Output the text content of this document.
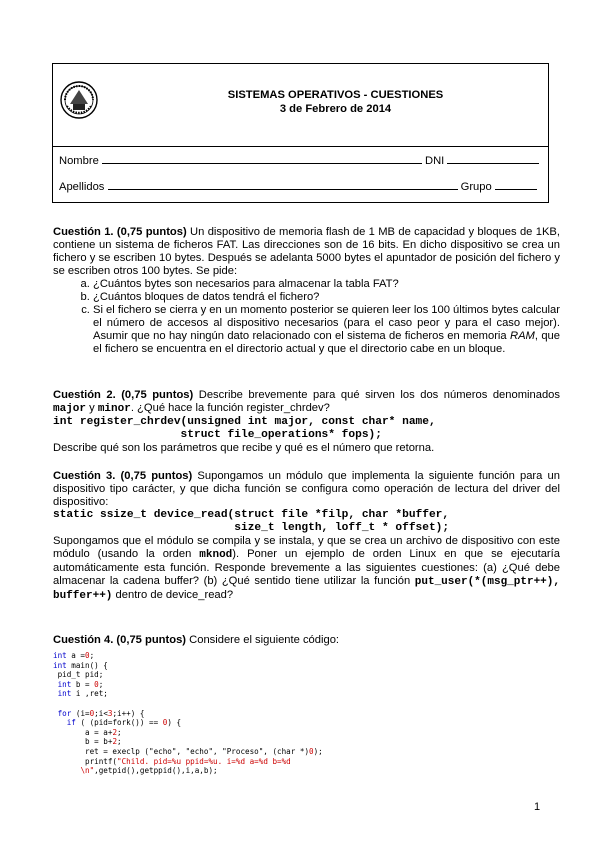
SISTEMAS OPERATIVOS - CUESTIONES
3 de Febrero de 2014
Nombre	DNI
Apellidos	Grupo
Cuestión 1. (0,75 puntos) Un dispositivo de memoria flash de 1 MB de capacidad y bloques de 1KB, contiene un sistema de ficheros FAT. Las direcciones son de 16 bits. En dicho dispositivo se crea un fichero y se escriben 10 bytes. Después se adelanta 5000 bytes el apuntador de posición del fichero y se escriben otros 100 bytes. Se pide:
a. ¿Cuántos bytes son necesarios para almacenar la tabla FAT?
b. ¿Cuántos bloques de datos tendrá el fichero?
c. Si el fichero se cierra y en un momento posterior se quieren leer los 100 últimos bytes calcular el número de accesos al dispositivo necesarios (para el caso peor y para el caso mejor). Asumir que no hay ningún dato relacionado con el sistema de ficheros en memoria RAM, que el fichero se encuentra en el directorio actual y que el directorio cabe en un bloque.
Cuestión 2. (0,75 puntos) Describe brevemente para qué sirven los dos números denominados major y minor. ¿Qué hace la función register_chrdev?
int register_chrdev(unsigned int major, const char* name,
struct file_operations* fops);
Describe qué son los parámetros que recibe y qué es el número que retorna.
Cuestión 3. (0,75 puntos) Supongamos un módulo que implementa la siguiente función para un dispositivo tipo carácter, y que dicha función se configura como operación de lectura del driver del dispositivo:
static ssize_t device_read(struct file *filp, char *buffer,
size_t length, loff_t * offset);
Supongamos que el módulo se compila y se instala, y que se crea un archivo de dispositivo con este módulo (usando la orden mknod). Poner un ejemplo de orden Linux en que se ejecutaría automáticamente esta función. Responde brevemente a las siguientes cuestiones: (a) ¿Qué debe almacenar la cadena buffer? (b) ¿Qué sentido tiene utilizar la función put_user(*(msg_ptr++), buffer++) dentro de device_read?
Cuestión 4. (0,75 puntos) Considere el siguiente código:
int a =0;
int main() {
pid_t pid;
int b = 0;
int i ,ret;

for (i=0;i<3;i++) {
if ( (pid=fork()) == 0) {
a = a+2;
b = b+2;
ret = execlp ("echo", "echo", "Proceso", (char *)0);
printf("Child. pid=%u ppid=%u. i=%d a=%d b=%d
\n",getpid(),getppid(),i,a,b);
1
